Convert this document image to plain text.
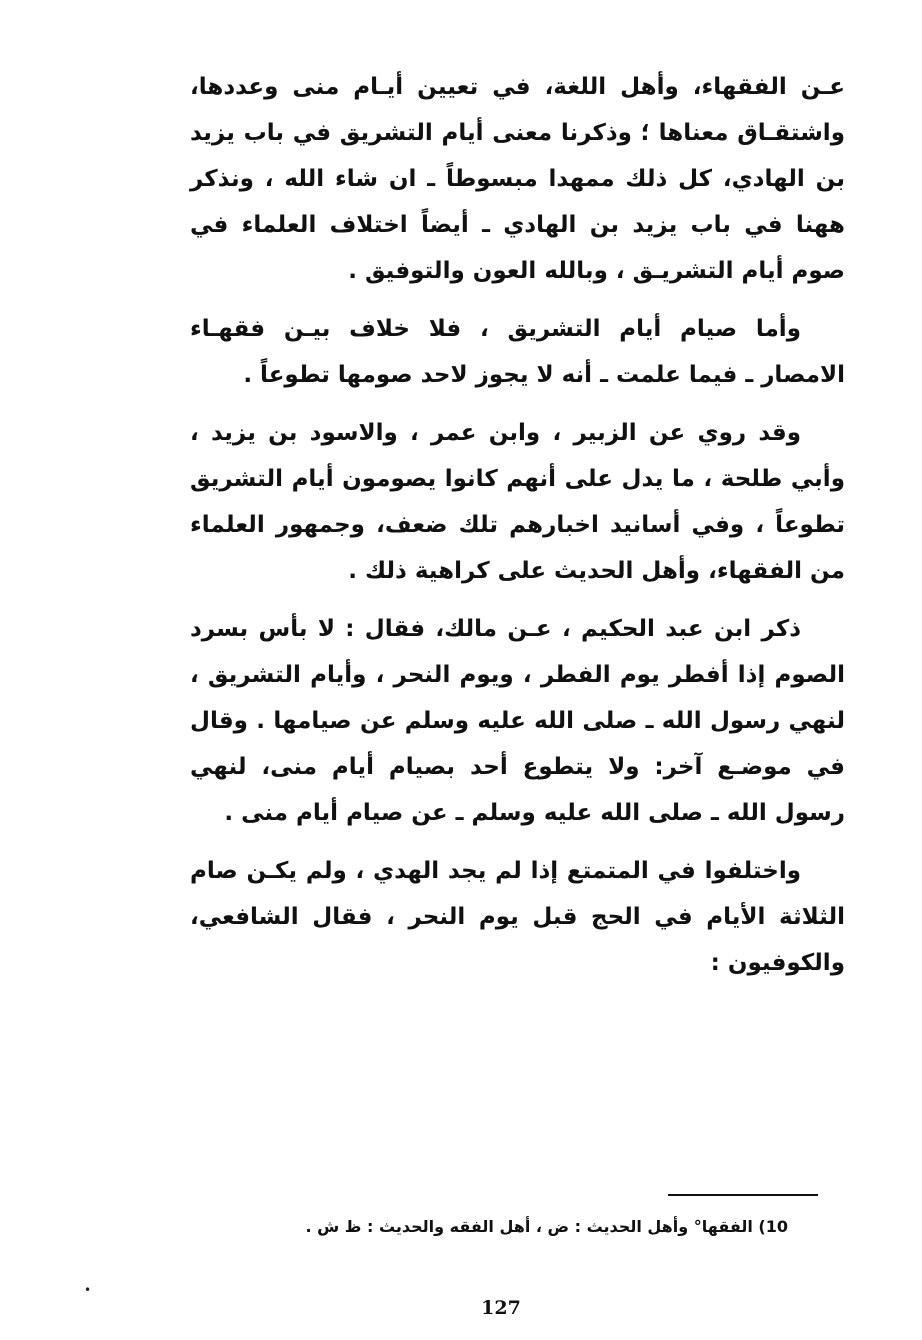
عـن الفقهاء، وأهل اللغة، في تعيين أيـام منى وعددها، واشتقـاق معناها ؛ وذكرنا معنى أيام التشريق في باب يزيد بن الهادي، كل ذلك ممهدا مبسوطاً ـ ان شاء الله ، ونذكر ههنا في باب يزيد بن الهادي ـ أيضاً اختلاف العلماء في صوم أيام التشريـق ، وبالله العون والتوفيق .

وأما صيام أيام التشريق ، فلا خلاف بيـن فقهـاء الامصار ـ فيما علمت ـ أنه لا يجوز لاحد صومها تطوعاً .

وقد روي عن الزبير ، وابن عمر ، والاسود بن يزيد ، وأبي طلحة ، ما يدل على أنهم كانوا يصومون أيام التشريق تطوعاً ، وفي أسانيد اخبارهم تلك ضعف، وجمهور العلماء من الفقهاء، وأهل الحديث على كراهية ذلك .

ذكر ابن عبد الحكيم ، عـن مالك، فقال : لا بأس بسرد الصوم إذا أفطر يوم الفطر ، ويوم النحر ، وأيام التشريق ، لنهي رسول الله ـ صلى الله عليه وسلم عن صيامها . وقال في موضـع آخر: ولا يتطوع أحد بصيام أيام منى، لنهي رسول الله ـ صلى الله عليه وسلم ـ عن صيام أيام منى .

واختلفوا في المتمتع إذا لم يجد الهدي ، ولم يكـن صام الثلاثة الأيام في الحج قبل يوم النحر ، فقال الشافعي، والكوفيون :

10) الفقها° وأهل الحديث : ض ، أهل الفقه والحديث : ظ ش .
•
127
